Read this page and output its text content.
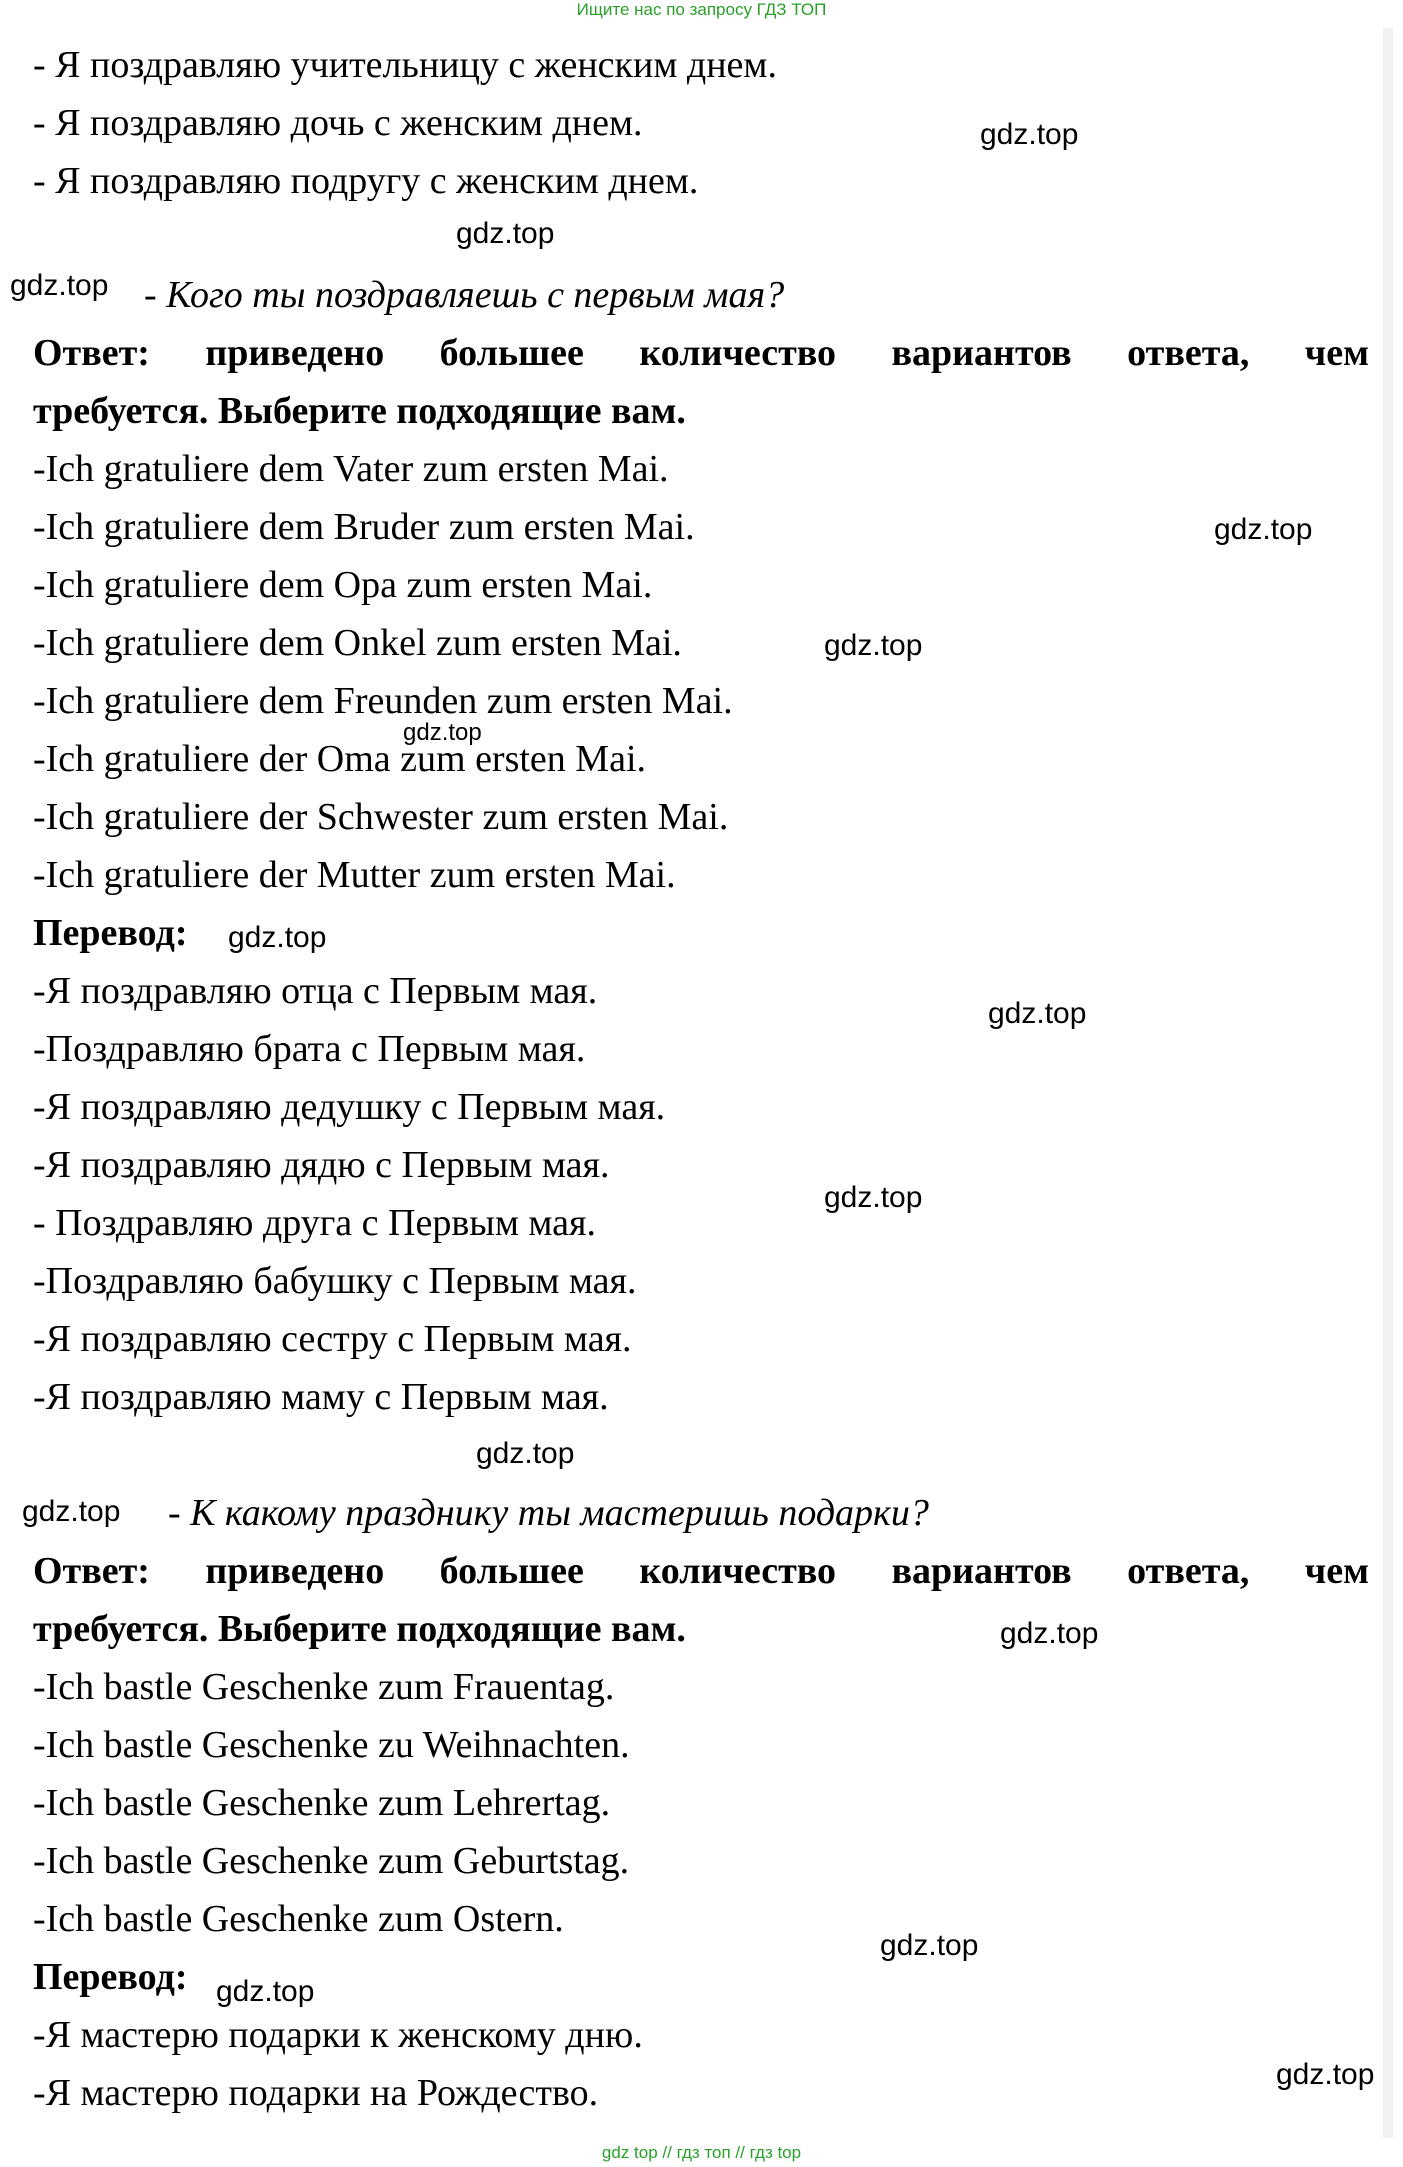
Ищите нас по запросу ГДЗ ТОП
- Я поздравляю учительницу с женским днем.
- Я поздравляю дочь с женским днем.
- Я поздравляю подругу с женским днем.
- Кого ты поздравляешь с первым мая?
Ответ: приведено большее количество вариантов ответа, чем
требуется. Выберите подходящие вам.
-Ich gratuliere dem Vater zum ersten Mai.
-Ich gratuliere dem Bruder zum ersten Mai.
-Ich gratuliere dem Opa zum ersten Mai.
-Ich gratuliere dem Onkel zum ersten Mai.
-Ich gratuliere dem Freunden zum ersten Mai.
-Ich gratuliere der Oma zum ersten Mai.
-Ich gratuliere der Schwester zum ersten Mai.
-Ich gratuliere der Mutter zum ersten Mai.
Перевод:
-Я поздравляю отца с Первым мая.
-Поздравляю брата с Первым мая.
-Я поздравляю дедушку с Первым мая.
-Я поздравляю дядю с Первым мая.
- Поздравляю друга с Первым мая.
-Поздравляю бабушку с Первым мая.
-Я поздравляю сестру с Первым мая.
-Я поздравляю маму с Первым мая.
- К какому празднику ты мастеришь подарки?
Ответ: приведено большее количество вариантов ответа, чем
требуется. Выберите подходящие вам.
-Ich bastle Geschenke zum Frauentag.
-Ich bastle Geschenke zu Weihnachten.
-Ich bastle Geschenke zum Lehrertag.
-Ich bastle Geschenke zum Geburtstag.
-Ich bastle Geschenke zum Ostern.
Перевод:
-Я мастерю подарки к женскому дню.
-Я мастерю подарки на Рождество.
gdz.top
gdz.top
gdz.top
gdz.top
gdz.top
gdz.top
gdz.top
gdz.top
gdz.top
gdz.top
gdz.top
gdz.top
gdz.top
gdz.top
gdz.top
gdz top // гдз топ // гдз top
